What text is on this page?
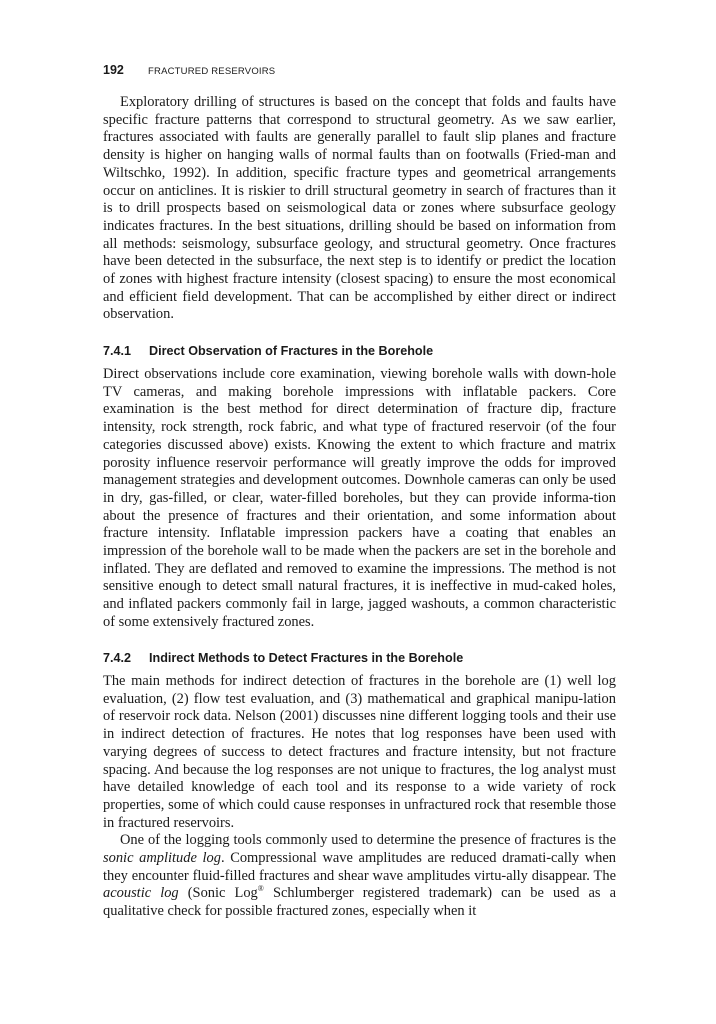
192	FRACTURED RESERVOIRS

Exploratory drilling of structures is based on the concept that folds and faults have specific fracture patterns that correspond to structural geometry. As we saw earlier, fractures associated with faults are generally parallel to fault slip planes and fracture density is higher on hanging walls of normal faults than on footwalls (Fried-man and Wiltschko, 1992). In addition, specific fracture types and geometrical arrangements occur on anticlines. It is riskier to drill structural geometry in search of fractures than it is to drill prospects based on seismological data or zones where subsurface geology indicates fractures. In the best situations, drilling should be based on information from all methods: seismology, subsurface geology, and structural geometry. Once fractures have been detected in the subsurface, the next step is to identify or predict the location of zones with highest fracture intensity (closest spacing) to ensure the most economical and efficient field development. That can be accomplished by either direct or indirect observation.

7.4.1 Direct Observation of Fractures in the Borehole

Direct observations include core examination, viewing borehole walls with down-hole TV cameras, and making borehole impressions with inflatable packers. Core examination is the best method for direct determination of fracture dip, fracture intensity, rock strength, rock fabric, and what type of fractured reservoir (of the four categories discussed above) exists. Knowing the extent to which fracture and matrix porosity influence reservoir performance will greatly improve the odds for improved management strategies and development outcomes. Downhole cameras can only be used in dry, gas-filled, or clear, water-filled boreholes, but they can provide informa-tion about the presence of fractures and their orientation, and some information about fracture intensity. Inflatable impression packers have a coating that enables an impression of the borehole wall to be made when the packers are set in the borehole and inflated. They are deflated and removed to examine the impressions. The method is not sensitive enough to detect small natural fractures, it is ineffective in mud-caked holes, and inflated packers commonly fail in large, jagged washouts, a common characteristic of some extensively fractured zones.

7.4.2 Indirect Methods to Detect Fractures in the Borehole

The main methods for indirect detection of fractures in the borehole are (1) well log evaluation, (2) flow test evaluation, and (3) mathematical and graphical manipu-lation of reservoir rock data. Nelson (2001) discusses nine different logging tools and their use in indirect detection of fractures. He notes that log responses have been used with varying degrees of success to detect fractures and fracture intensity, but not fracture spacing. And because the log responses are not unique to fractures, the log analyst must have detailed knowledge of each tool and its response to a wide variety of rock properties, some of which could cause responses in unfractured rock that resemble those in fractured reservoirs.

One of the logging tools commonly used to determine the presence of fractures is the sonic amplitude log. Compressional wave amplitudes are reduced dramati-cally when they encounter fluid-filled fractures and shear wave amplitudes virtu-ally disappear. The acoustic log (Sonic Log® Schlumberger registered trademark) can be used as a qualitative check for possible fractured zones, especially when it
